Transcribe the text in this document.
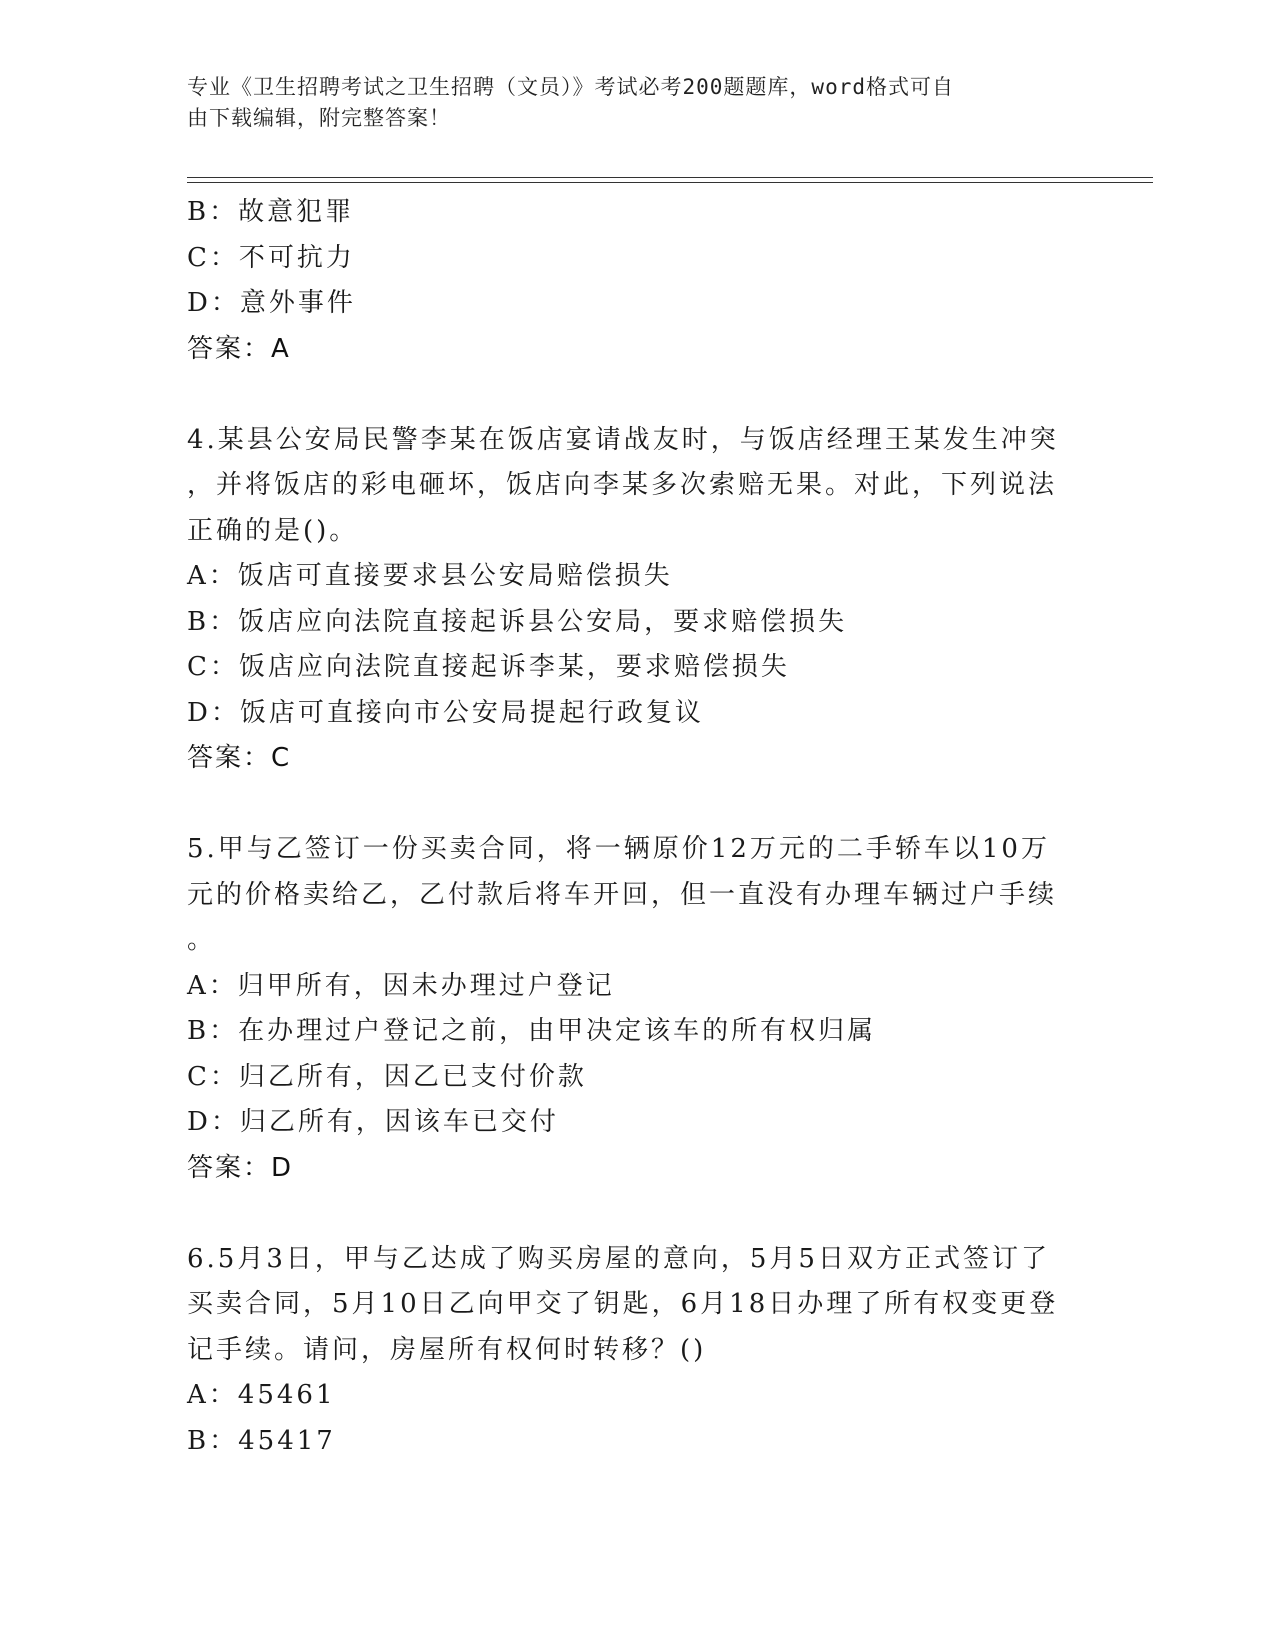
专业《卫生招聘考试之卫生招聘（文员）》考试必考200题题库，word格式可自
由下载编辑，附完整答案！
B：故意犯罪
C：不可抗力
D：意外事件
答案：A
4.某县公安局民警李某在饭店宴请战友时，与饭店经理王某发生冲突
，并将饭店的彩电砸坏，饭店向李某多次索赔无果。对此，下列说法
正确的是()。
A：饭店可直接要求县公安局赔偿损失
B：饭店应向法院直接起诉县公安局，要求赔偿损失
C：饭店应向法院直接起诉李某，要求赔偿损失
D：饭店可直接向市公安局提起行政复议
答案：C
5.甲与乙签订一份买卖合同，将一辆原价12万元的二手轿车以10万
元的价格卖给乙，乙付款后将车开回，但一直没有办理车辆过户手续
。
A：归甲所有，因未办理过户登记
B：在办理过户登记之前，由甲决定该车的所有权归属
C：归乙所有，因乙已支付价款
D：归乙所有，因该车已交付
答案：D
6.5月3日，甲与乙达成了购买房屋的意向，5月5日双方正式签订了
买卖合同，5月10日乙向甲交了钥匙，6月18日办理了所有权变更登
记手续。请问，房屋所有权何时转移？()
A：45461
B：45417
